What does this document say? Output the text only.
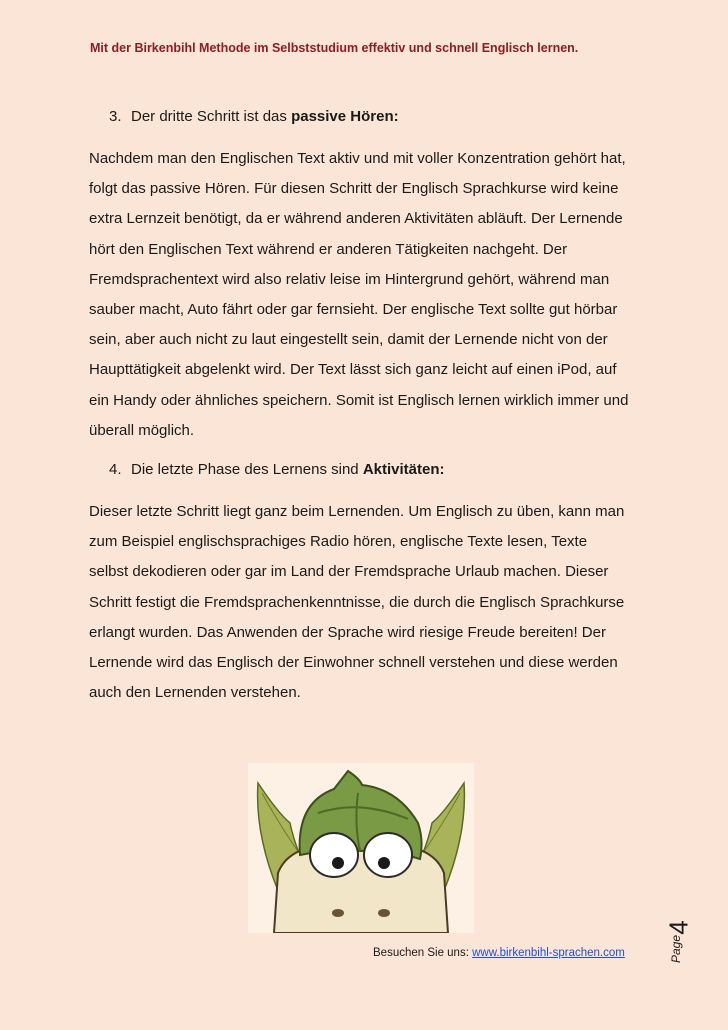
Mit der Birkenbihl Methode im Selbststudium effektiv und schnell Englisch lernen.
3. Der dritte Schritt ist das passive Hören:
Nachdem man den Englischen Text aktiv und mit voller Konzentration gehört hat,
folgt das passive Hören. Für diesen Schritt der Englisch Sprachkurse wird keine
extra Lernzeit benötigt, da er während anderen Aktivitäten abläuft. Der Lernende
hört den Englischen Text während er anderen Tätigkeiten nachgeht. Der
Fremdsprachentext wird also relativ leise im Hintergrund gehört, während man
sauber macht, Auto fährt oder gar fernsieht. Der englische Text sollte gut hörbar
sein, aber auch nicht zu laut eingestellt sein, damit der Lernende nicht von der
Haupttätigkeit abgelenkt wird. Der Text lässt sich ganz leicht auf einen iPod, auf
ein Handy oder ähnliches speichern. Somit ist Englisch lernen wirklich immer und
überall möglich.
4. Die letzte Phase des Lernens sind Aktivitäten:
Dieser letzte Schritt liegt ganz beim Lernenden. Um Englisch zu üben, kann man
zum Beispiel englischsprachiges Radio hören, englische Texte lesen, Texte
selbst dekodieren oder gar im Land der Fremdsprache Urlaub machen. Dieser
Schritt festigt die Fremdsprachenkenntnisse, die durch die Englisch Sprachkurse
erlangt wurden. Das Anwenden der Sprache wird riesige Freude bereiten! Der
Lernende wird das Englisch der Einwohner schnell verstehen und diese werden
auch den Lernenden verstehen.
Besuchen Sie uns: www.birkenbihl-sprachen.com	Page
4
